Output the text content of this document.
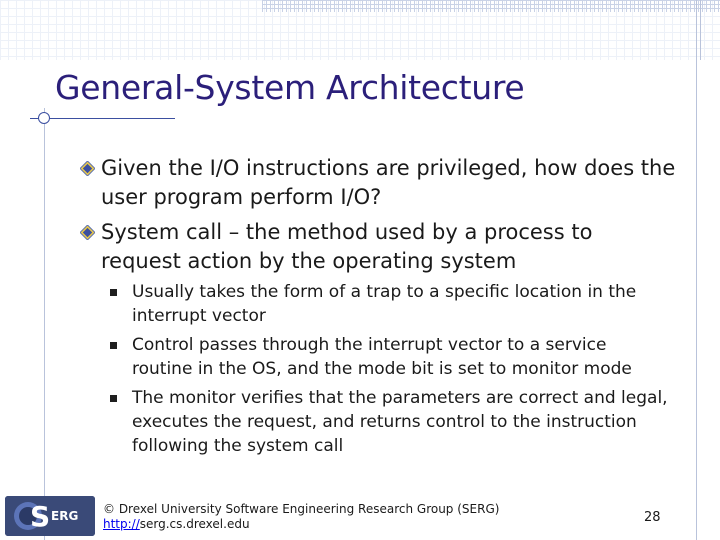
General-System Architecture
Given the I/O instructions are privileged, how does the user program perform I/O?
System call – the method used by a process to request action by the operating system
Usually takes the form of a trap to a specific location in the interrupt vector
Control passes through the interrupt vector to a service routine in the OS, and the mode bit is set to monitor mode
The monitor verifies that the parameters are correct and legal, executes the request, and returns control to the instruction following the system call
S ERG © Drexel University Software Engineering Research Group (SERG)
http://serg.cs.drexel.edu	28
